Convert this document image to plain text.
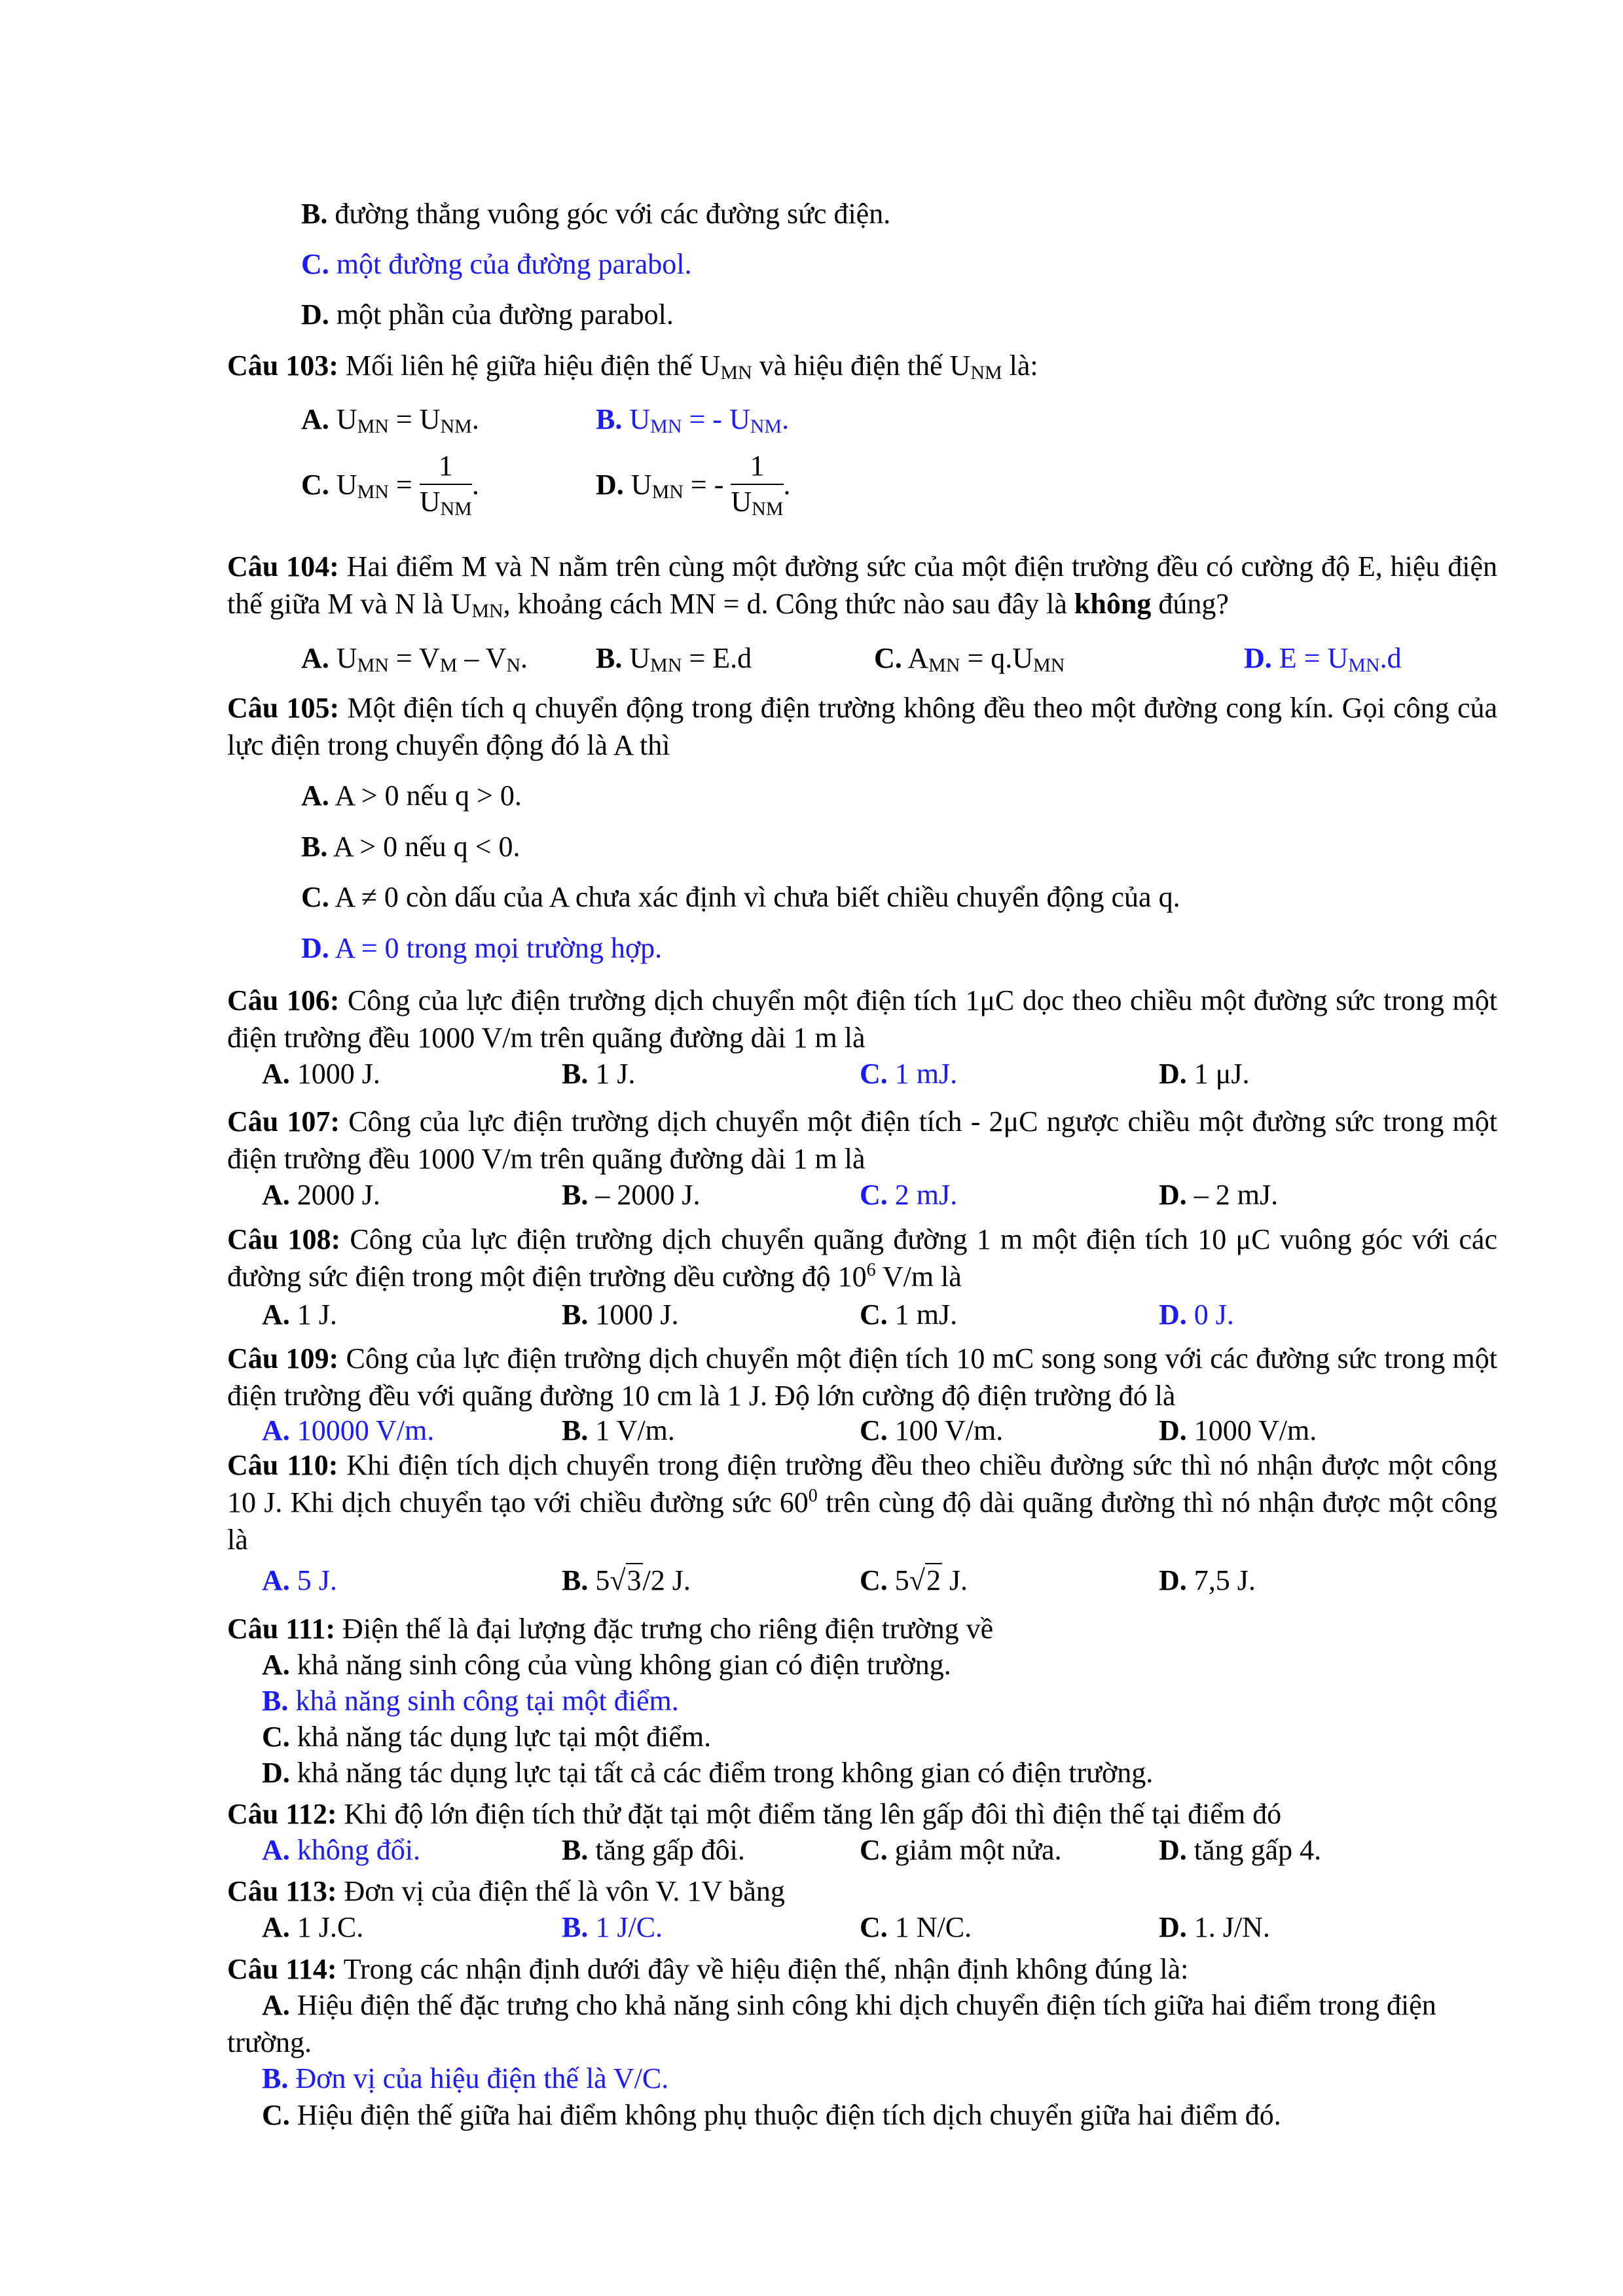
B. đường thẳng vuông góc với các đường sức điện.
C. một đường của đường parabol.
D. một phần của đường parabol.
Câu 103: Mối liên hệ giữa hiệu điện thế $U_{MN}$ và hiệu điện thế $U_{NM}$ là:
A. $U_{MN} = U_{NM}$.	B. $U_{MN}$ = - $U_{NM}$.
C. $U_{MN} = \frac{1}{U_{NM}}$ .	D. $U_{MN}$ = - $\frac{1}{U_{NM}}$ .
Câu 104: Hai điểm M và N nằm trên cùng một đường sức của một điện trường đều có cường độ E, hiệu điện thế giữa M và N là $U_{MN}$, khoảng cách MN = d. Công thức nào sau đây là không đúng?
A. $U_{MN} = V_M - V_N$. B. $U_{MN} = E.d$	C. $A_{MN} = q.U_{MN}$	D. $E = U_{MN}.d$
Câu 105: Một điện tích q chuyển động trong điện trường không đều theo một đường cong kín. Gọi công của lực điện trong chuyển động đó là A thì
A. A > 0 nếu q > 0.
B. A > 0 nếu q < 0.
C. A ≠ 0 còn dấu của A chưa xác định vì chưa biết chiều chuyển động của q.
D. A = 0 trong mọi trường hợp.
Câu 106: Công của lực điện trường dịch chuyển một điện tích 1μC dọc theo chiều một đường sức trong một điện trường đều 1000 V/m trên quãng đường dài 1 m là
A. 1000 J.	B. 1 J.	C. 1 mJ.	D. 1 μJ.
Câu 107: Công của lực điện trường dịch chuyển một điện tích - 2μC ngược chiều một đường sức trong một điện trường đều 1000 V/m trên quãng đường dài 1 m là
A. 2000 J.	B. – 2000 J.	C. 2 mJ.	D. – 2 mJ.
Câu 108: Công của lực điện trường dịch chuyển quãng đường 1 m một điện tích 10 μC vuông góc với các đường sức điện trong một điện trường dều cường độ $10^6$ V/m là
A. 1 J.	B. 1000 J.	C. 1 mJ.	D. 0 J.
Câu 109: Công của lực điện trường dịch chuyển một điện tích 10 mC song song với các đường sức trong một điện trường đều với quãng đường 10 cm là 1 J. Độ lớn cường độ điện trường đó là
A. 10000 V/m.	B. 1 V/m.	C. 100 V/m.	D. 1000 V/m.
Câu 110: Khi điện tích dịch chuyển trong điện trường đều theo chiều đường sức thì nó nhận được một công 10 J. Khi dịch chuyển tạo với chiều đường sức $60^0$ trên cùng độ dài quãng đường thì nó nhận được một công là
A. 5 J.	B. 5√3/2 J.	C. 5√2 J.	D. 7,5 J.
Câu 111: Điện thế là đại lượng đặc trưng cho riêng điện trường về
A. khả năng sinh công của vùng không gian có điện trường.
B. khả năng sinh công tại một điểm.
C. khả năng tác dụng lực tại một điểm.
D. khả năng tác dụng lực tại tất cả các điểm trong không gian có điện trường.
Câu 112: Khi độ lớn điện tích thử đặt tại một điểm tăng lên gấp đôi thì điện thế tại điểm đó
A. không đổi.	B. tăng gấp đôi.	C. giảm một nửa.	D. tăng gấp 4.
Câu 113: Đơn vị của điện thế là vôn V. 1V bằng
A. 1 J.C.	B. 1 J/C.	C. 1 N/C.	D. 1. J/N.
Câu 114: Trong các nhận định dưới đây về hiệu điện thế, nhận định không đúng là:
A. Hiệu điện thế đặc trưng cho khả năng sinh công khi dịch chuyển điện tích giữa hai điểm trong điện trường.
B. Đơn vị của hiệu điện thế là V/C.
C. Hiệu điện thế giữa hai điểm không phụ thuộc điện tích dịch chuyển giữa hai điểm đó.
